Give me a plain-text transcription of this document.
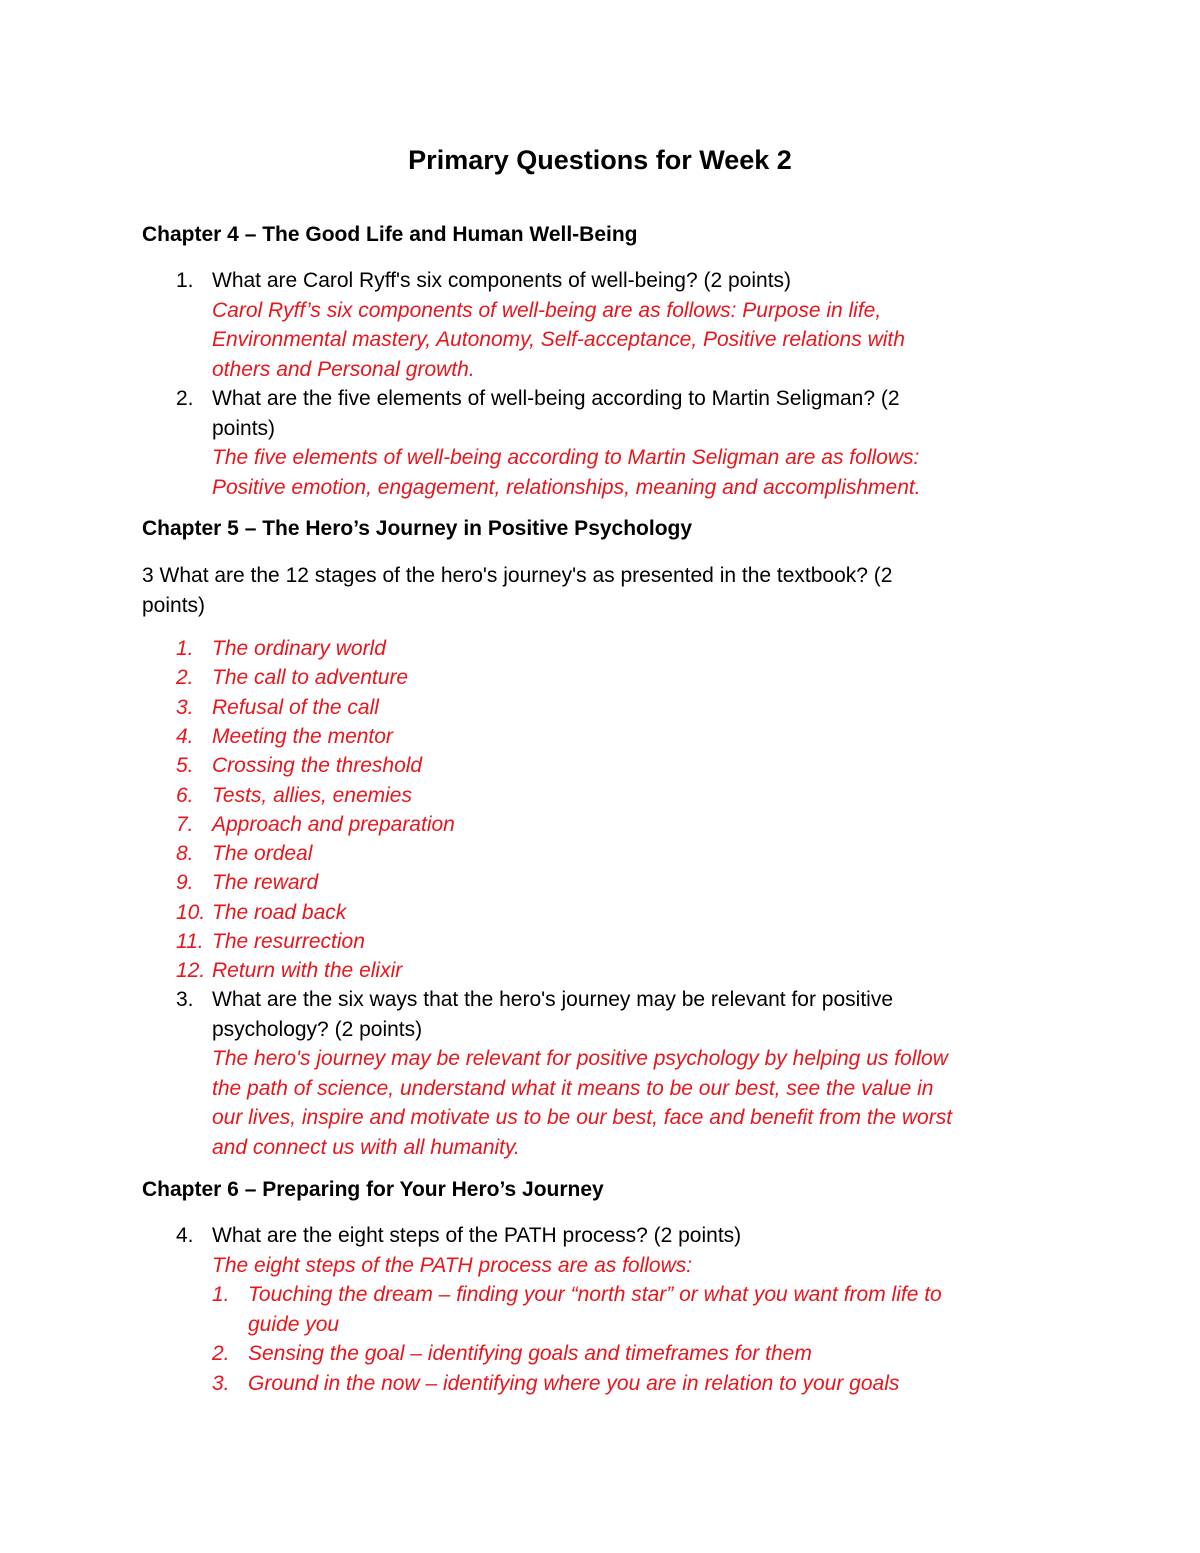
Primary Questions for Week 2
Chapter 4 – The Good Life and Human Well-Being
1. What are Carol Ryff's six components of well-being? (2 points)
Carol Ryff’s six components of well-being are as follows: Purpose in life,
Environmental mastery, Autonomy, Self-acceptance, Positive relations with
others and Personal growth.
2. What are the five elements of well-being according to Martin Seligman? (2
points)
The five elements of well-being according to Martin Seligman are as follows:
Positive emotion, engagement, relationships, meaning and accomplishment.
Chapter 5 – The Hero’s Journey in Positive Psychology
3 What are the 12 stages of the hero's journey's as presented in the textbook? (2
points)
1. The ordinary world
2. The call to adventure
3. Refusal of the call
4. Meeting the mentor
5. Crossing the threshold
6. Tests, allies, enemies
7. Approach and preparation
8. The ordeal
9. The reward
10. The road back
11. The resurrection
12. Return with the elixir
3. What are the six ways that the hero's journey may be relevant for positive
psychology? (2 points)
The hero's journey may be relevant for positive psychology by helping us follow
the path of science, understand what it means to be our best, see the value in
our lives, inspire and motivate us to be our best, face and benefit from the worst
and connect us with all humanity.
Chapter 6 – Preparing for Your Hero’s Journey
4. What are the eight steps of the PATH process? (2 points)
The eight steps of the PATH process are as follows:
1. Touching the dream – finding your “north star” or what you want from life to
guide you
2. Sensing the goal – identifying goals and timeframes for them
3. Ground in the now – identifying where you are in relation to your goals
